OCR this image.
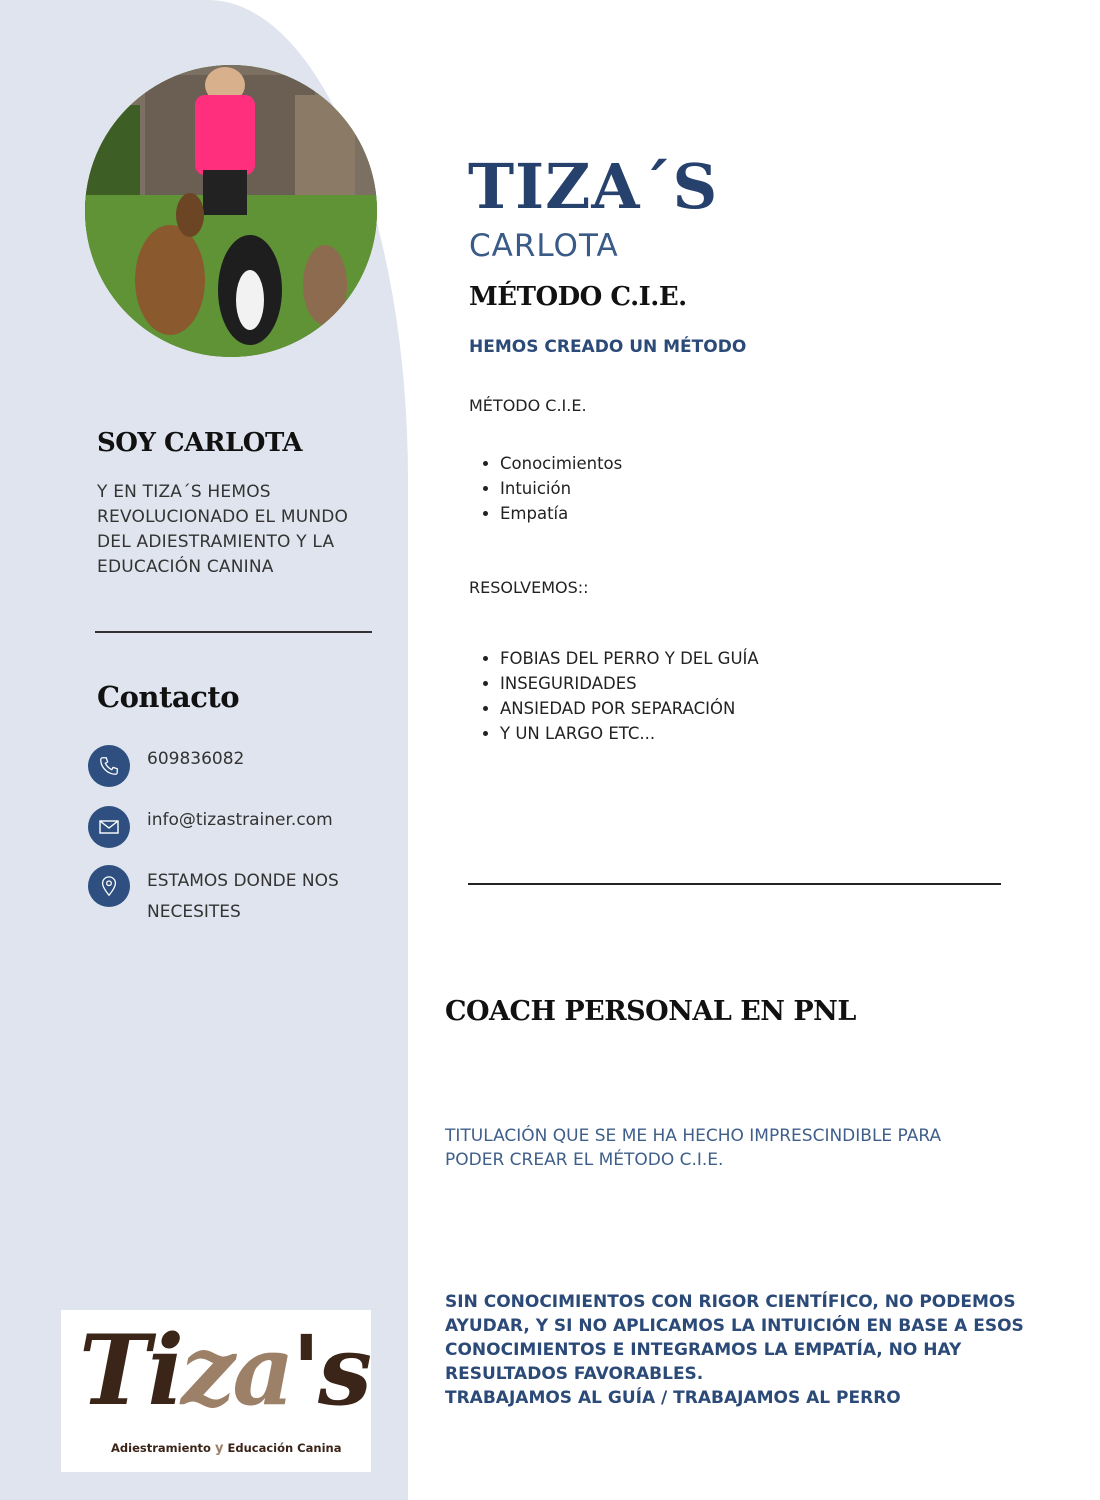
SOY CARLOTA
Y EN TIZA´S HEMOS REVOLUCIONADO EL MUNDO DEL ADIESTRAMIENTO Y LA EDUCACIÓN CANINA
Contacto
609836082
info@tizastrainer.com
ESTAMOS DONDE NOS NECESITES
Tiza's
Adiestramiento y Educación Canina
TIZA´S
CARLOTA
MÉTODO C.I.E.
HEMOS CREADO UN MÉTODO
MÉTODO C.I.E.
• Conocimientos
• Intuición
• Empatía
RESOLVEMOS::
• FOBIAS DEL PERRO Y DEL GUÍA
• INSEGURIDADES
• ANSIEDAD POR SEPARACIÓN
• Y UN LARGO ETC...
COACH PERSONAL EN PNL
TITULACIÓN QUE SE ME HA HECHO IMPRESCINDIBLE PARA PODER CREAR EL MÉTODO C.I.E.
SIN CONOCIMIENTOS CON RIGOR CIENTÍFICO, NO PODEMOS AYUDAR, Y SI NO APLICAMOS LA INTUICIÓN EN BASE A ESOS CONOCIMIENTOS E INTEGRAMOS LA EMPATÍA, NO HAY RESULTADOS FAVORABLES.
TRABAJAMOS AL GUÍA / TRABAJAMOS AL PERRO
